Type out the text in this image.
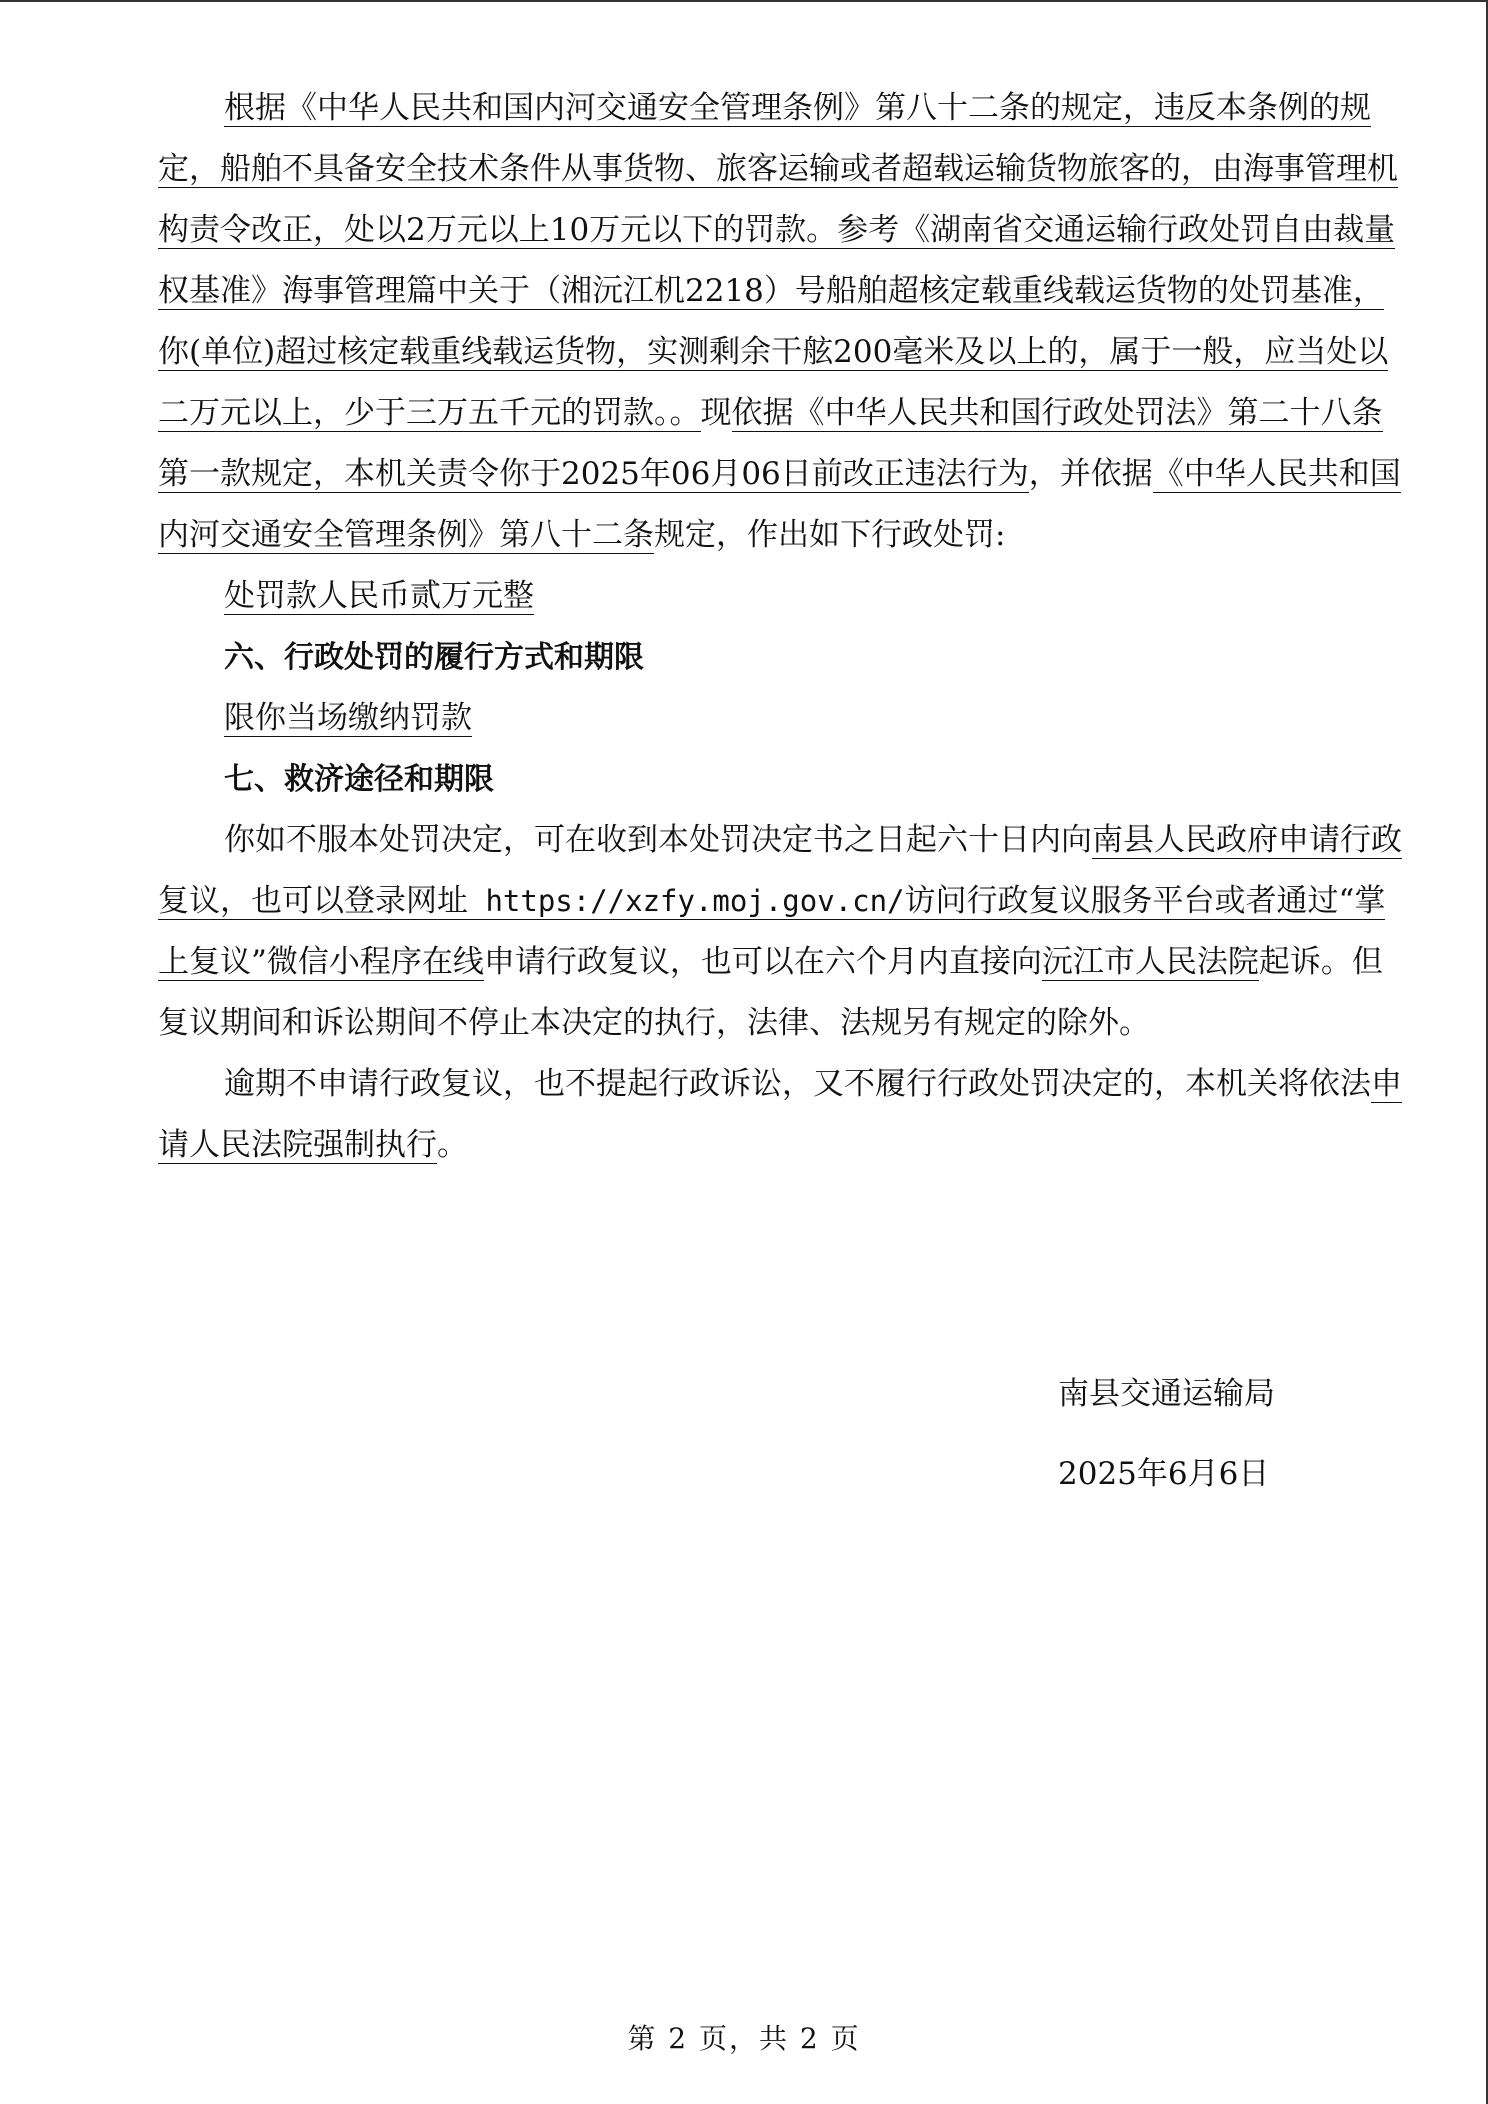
根据《中华人民共和国内河交通安全管理条例》第八十二条的规定，违反本条例的规定，船舶不具备安全技术条件从事货物、旅客运输或者超载运输货物旅客的，由海事管理机构责令改正，处以2万元以上10万元以下的罚款。参考《湖南省交通运输行政处罚自由裁量权基准》海事管理篇中关于（湘沅江机2218）号船舶超核定载重线载运货物的处罚基准，你(单位)超过核定载重线载运货物，实测剩余干舷200毫米及以上的，属于一般，应当处以二万元以上，少于三万五千元的罚款。。现依据《中华人民共和国行政处罚法》第二十八条第一款规定，本机关责令你于2025年06月06日前改正违法行为，并依据《中华人民共和国内河交通安全管理条例》第八十二条规定，作出如下行政处罚:

处罚款人民币贰万元整

六、行政处罚的履行方式和期限

限你当场缴纳罚款

七、救济途径和期限

你如不服本处罚决定，可在收到本处罚决定书之日起六十日内向南县人民政府申请行政复议，也可以登录网址 https://xzfy.moj.gov.cn/访问行政复议服务平台或者通过“掌上复议”微信小程序在线申请行政复议，也可以在六个月内直接向沅江市人民法院起诉。但复议期间和诉讼期间不停止本决定的执行，法律、法规另有规定的除外。

逾期不申请行政复议，也不提起行政诉讼，又不履行行政处罚决定的，本机关将依法申请人民法院强制执行。

南县交通运输局
2025年6月6日
第 2 页，共 2 页
